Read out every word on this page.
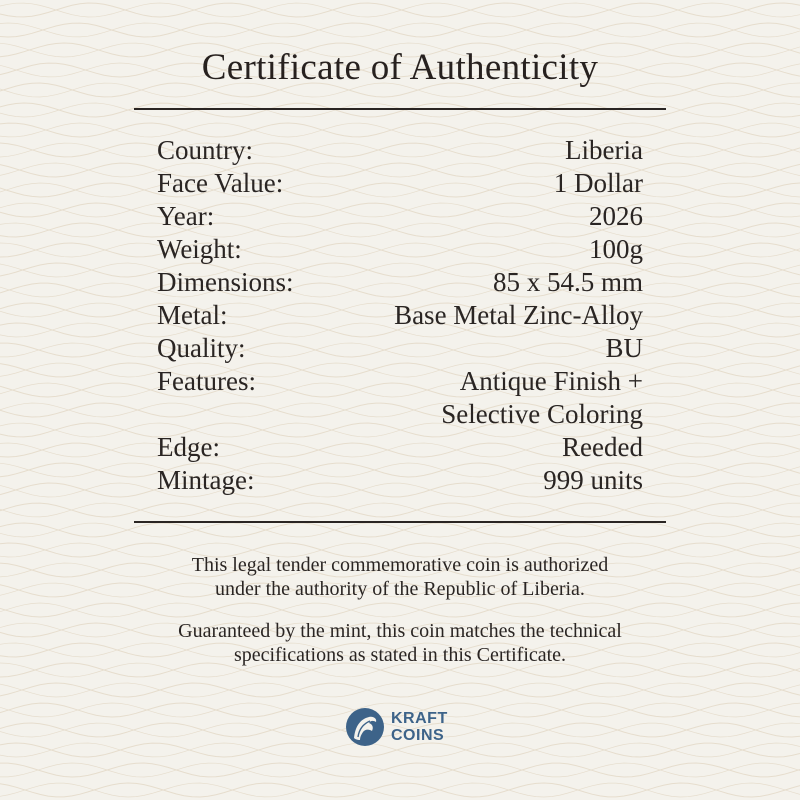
Certificate of Authenticity
Country:	Liberia
Face Value:	1 Dollar
Year:	2026
Weight:	100g
Dimensions:	85 x 54.5 mm
Metal:	Base Metal Zinc-Alloy
Quality:	BU
Features:	Antique Finish +
Selective Coloring
Edge:	Reeded
Mintage:	999 units
This legal tender commemorative coin is authorized
under the authority of the Republic of Liberia.
Guaranteed by the mint, this coin matches the technical
specifications as stated in this Certificate.
KRAFT
COINS
